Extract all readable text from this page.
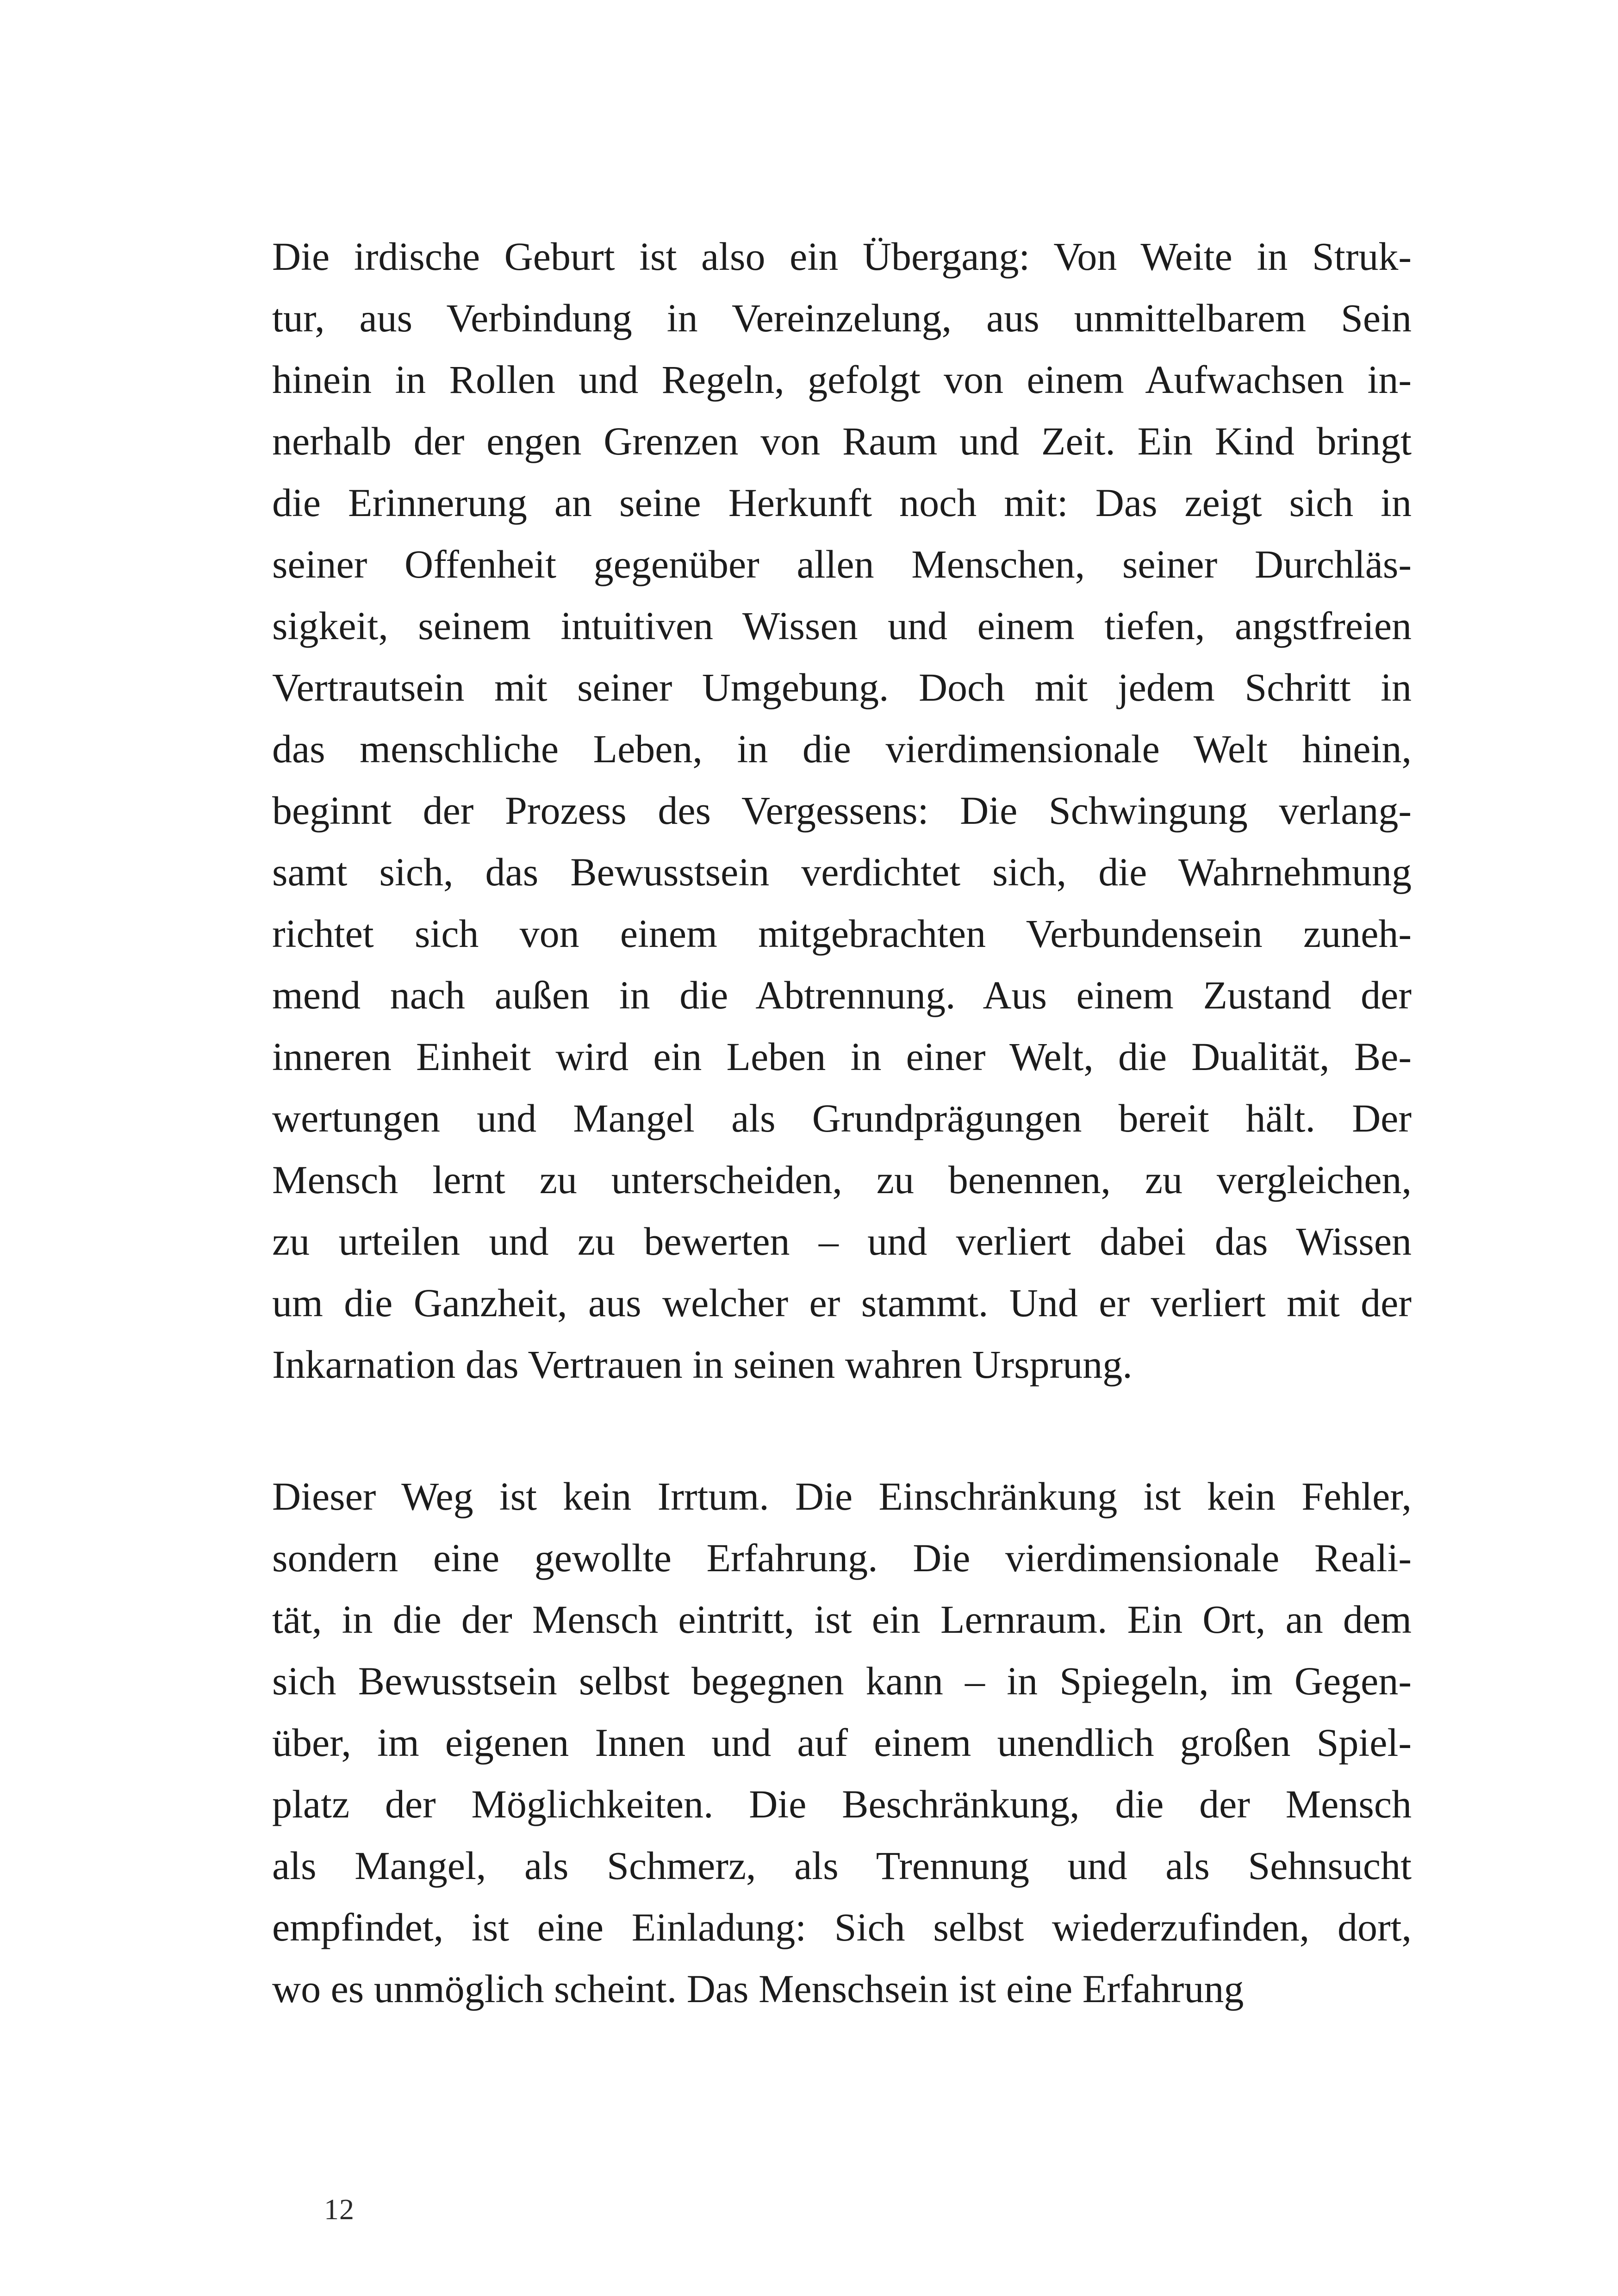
Die irdische Geburt ist also ein Übergang: Von Weite in Struk-
tur, aus Verbindung in Vereinzelung, aus unmittelbarem Sein
hinein in Rollen und Regeln, gefolgt von einem Aufwachsen in-
nerhalb der engen Grenzen von Raum und Zeit. Ein Kind bringt
die Erinnerung an seine Herkunft noch mit: Das zeigt sich in
seiner Offenheit gegenüber allen Menschen, seiner Durchläs-
sigkeit, seinem intuitiven Wissen und einem tiefen, angstfreien
Vertrautsein mit seiner Umgebung. Doch mit jedem Schritt in
das menschliche Leben, in die vierdimensionale Welt hinein,
beginnt der Prozess des Vergessens: Die Schwingung verlang-
samt sich, das Bewusstsein verdichtet sich, die Wahrnehmung
richtet sich von einem mitgebrachten Verbundensein zuneh-
mend nach außen in die Abtrennung. Aus einem Zustand der
inneren Einheit wird ein Leben in einer Welt, die Dualität, Be-
wertungen und Mangel als Grundprägungen bereit hält. Der
Mensch lernt zu unterscheiden, zu benennen, zu vergleichen,
zu urteilen und zu bewerten – und verliert dabei das Wissen
um die Ganzheit, aus welcher er stammt. Und er verliert mit der
Inkarnation das Vertrauen in seinen wahren Ursprung.
Dieser Weg ist kein Irrtum. Die Einschränkung ist kein Fehler,
sondern eine gewollte Erfahrung. Die vierdimensionale Reali-
tät, in die der Mensch eintritt, ist ein Lernraum. Ein Ort, an dem
sich Bewusstsein selbst begegnen kann – in Spiegeln, im Gegen-
über, im eigenen Innen und auf einem unendlich großen Spiel-
platz der Möglichkeiten. Die Beschränkung, die der Mensch
als Mangel, als Schmerz, als Trennung und als Sehnsucht
empfindet, ist eine Einladung: Sich selbst wiederzufinden, dort,
wo es unmöglich scheint. Das Menschsein ist eine Erfahrung
12
